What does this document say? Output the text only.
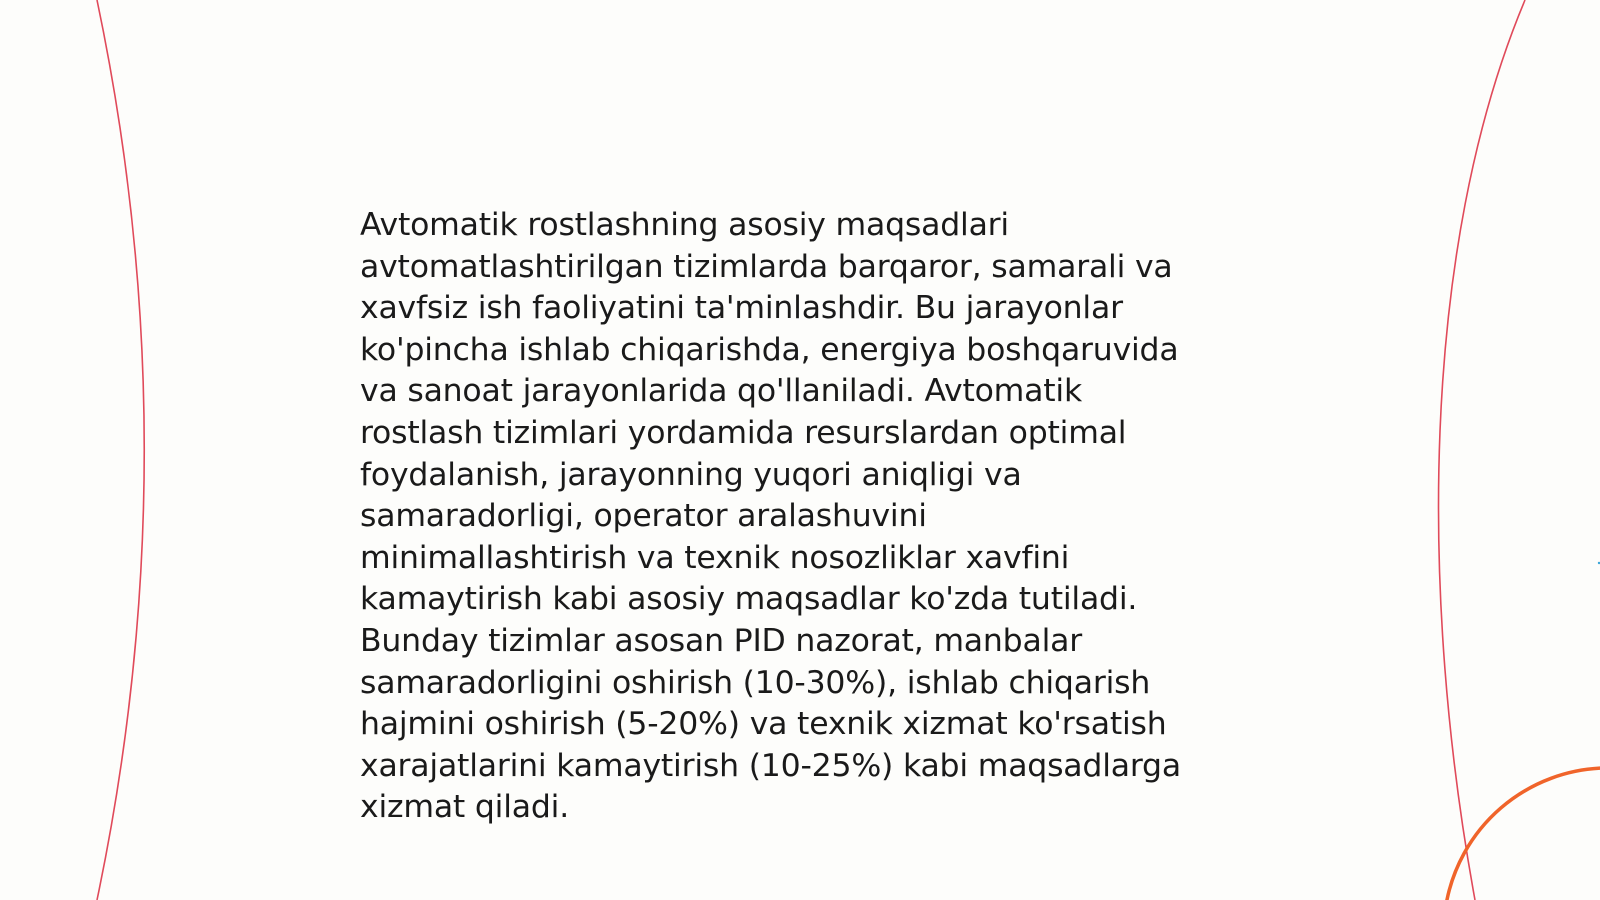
Avtomatik rostlashning asosiy maqsadlari
avtomatlashtirilgan tizimlarda barqaror, samarali va
xavfsiz ish faoliyatini ta'minlashdir. Bu jarayonlar
ko'pincha ishlab chiqarishda, energiya boshqaruvida
va sanoat jarayonlarida qo'llaniladi. Avtomatik
rostlash tizimlari yordamida resurslardan optimal
foydalanish, jarayonning yuqori aniqligi va
samaradorligi, operator aralashuvini
minimallashtirish va texnik nosozliklar xavfini
kamaytirish kabi asosiy maqsadlar ko'zda tutiladi.
Bunday tizimlar asosan PID nazorat, manbalar
samaradorligini oshirish (10-30%), ishlab chiqarish
hajmini oshirish (5-20%) va texnik xizmat ko'rsatish
xarajatlarini kamaytirish (10-25%) kabi maqsadlarga
xizmat qiladi.
